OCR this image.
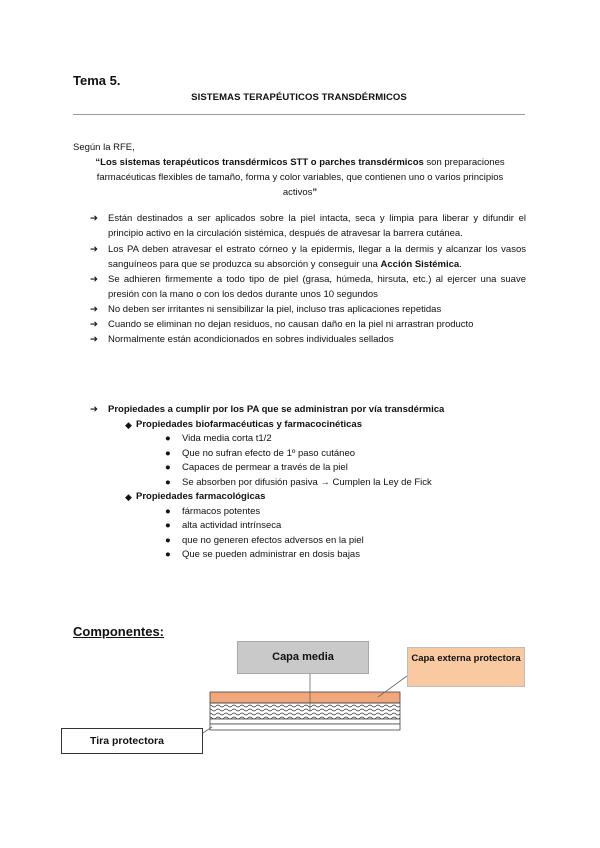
Tema 5.
SISTEMAS TERAPÉUTICOS TRANSDÉRMICOS
Según la RFE,
“Los sistemas terapéuticos transdérmicos STT o parches transdérmicos son preparaciones farmacéuticas flexibles de tamaño, forma y color variables, que contienen uno o varios principios activos”
➔ Están destinados a ser aplicados sobre la piel intacta, seca y limpia para liberar y difundir el principio activo en la circulación sistémica, después de atravesar la barrera cutánea.
➔ Los PA deben atravesar el estrato córneo y la epidermis, llegar a la dermis y alcanzar los vasos sanguíneos para que se produzca su absorción y conseguir una Acción Sistémica.
➔ Se adhieren firmemente a todo tipo de piel (grasa, húmeda, hirsuta, etc.) al ejercer una suave presión con la mano o con los dedos durante unos 10 segundos
➔ No deben ser irritantes ni sensibilizar la piel, incluso tras aplicaciones repetidas
➔ Cuando se eliminan no dejan residuos, no causan daño en la piel ni arrastran producto
➔ Normalmente están acondicionados en sobres individuales sellados
➔ Propiedades a cumplir por los PA que se administran por vía transdérmica
◆ Propiedades biofarmacéuticas y farmacocinéticas
● Vida media corta t1/2
● Que no sufran efecto de 1º paso cutáneo
● Capaces de permear a través de la piel
● Se absorben por difusión pasiva → Cumplen la Ley de Fick
◆ Propiedades farmacológicas
● fármacos potentes
● alta actividad intrínseca
● que no generen efectos adversos en la piel
● Que se pueden administrar en dosis bajas
Componentes:
Capa media	Capa externa protectora
Tira protectora
